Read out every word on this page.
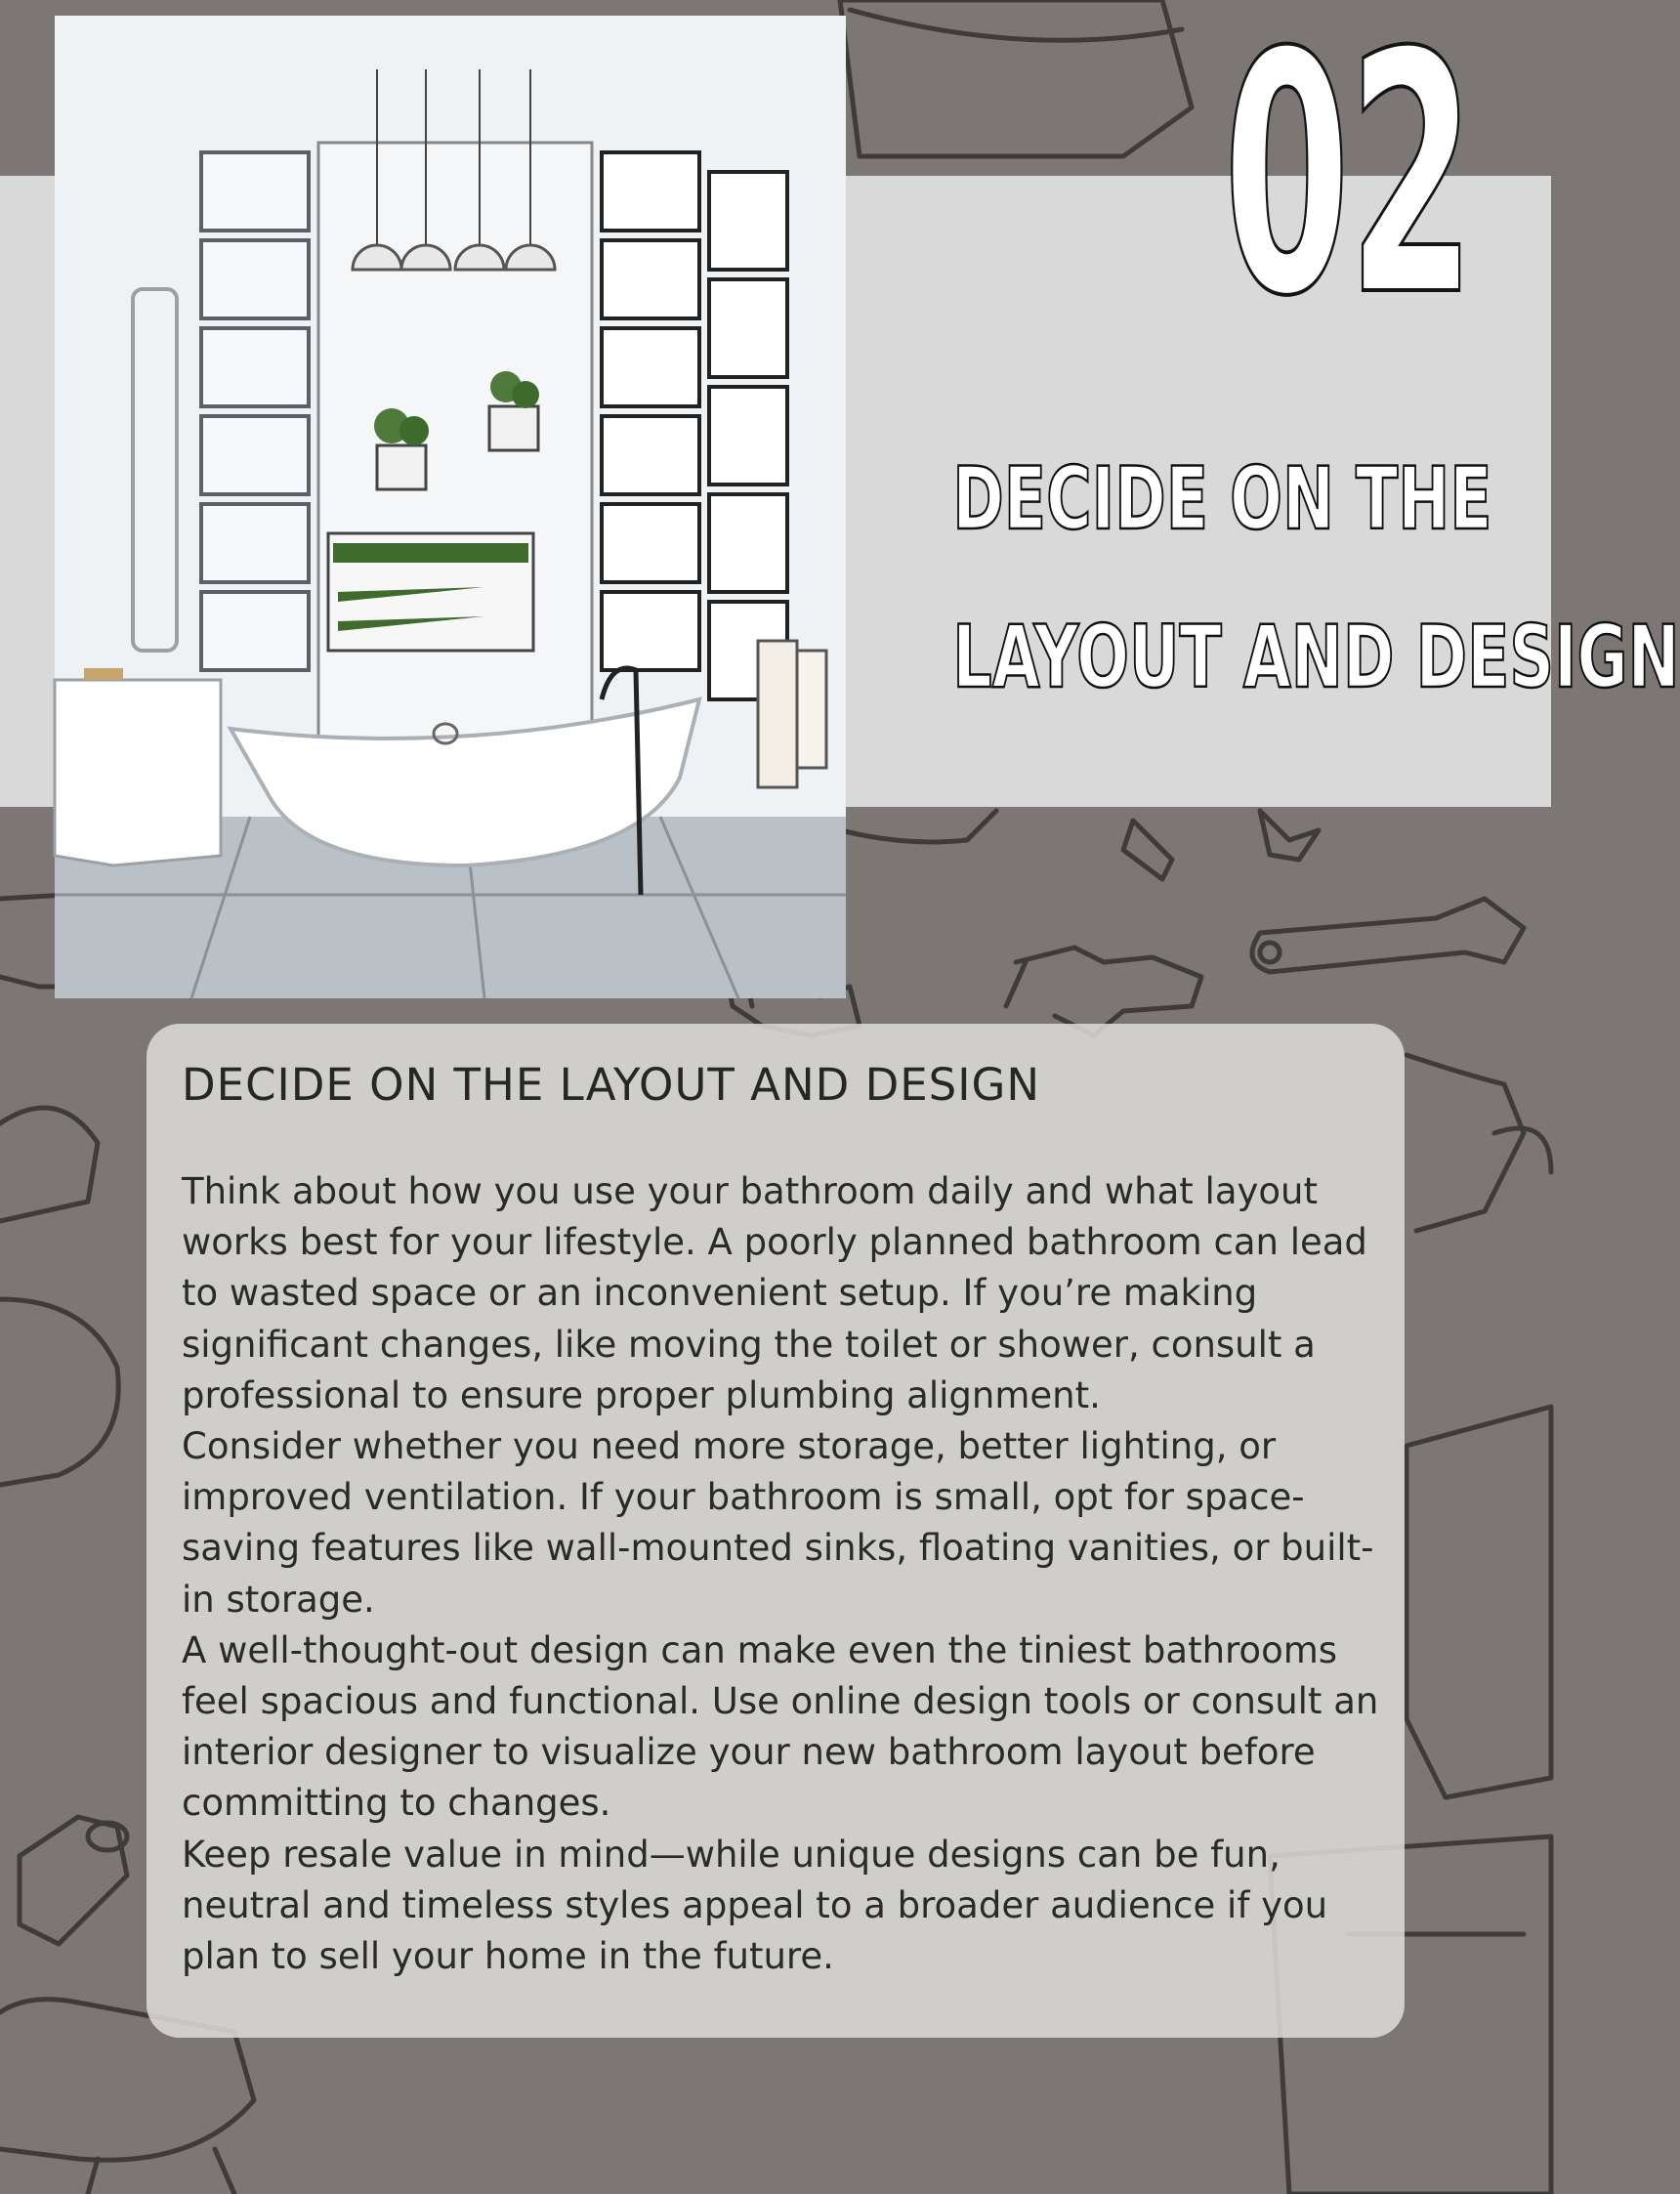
02
DECIDE ON THE
LAYOUT AND DESIGN
DECIDE ON THE LAYOUT AND DESIGN

Think about how you use your bathroom daily and what layout works best for your lifestyle. A poorly planned bathroom can lead to wasted space or an inconvenient setup. If you’re making significant changes, like moving the toilet or shower, consult a professional to ensure proper plumbing alignment.

Consider whether you need more storage, better lighting, or improved ventilation. If your bathroom is small, opt for space-saving features like wall-mounted sinks, floating vanities, or built-in storage.

A well-thought-out design can make even the tiniest bathrooms feel spacious and functional. Use online design tools or consult an interior designer to visualize your new bathroom layout before committing to changes.

Keep resale value in mind—while unique designs can be fun, neutral and timeless styles appeal to a broader audience if you plan to sell your home in the future.
